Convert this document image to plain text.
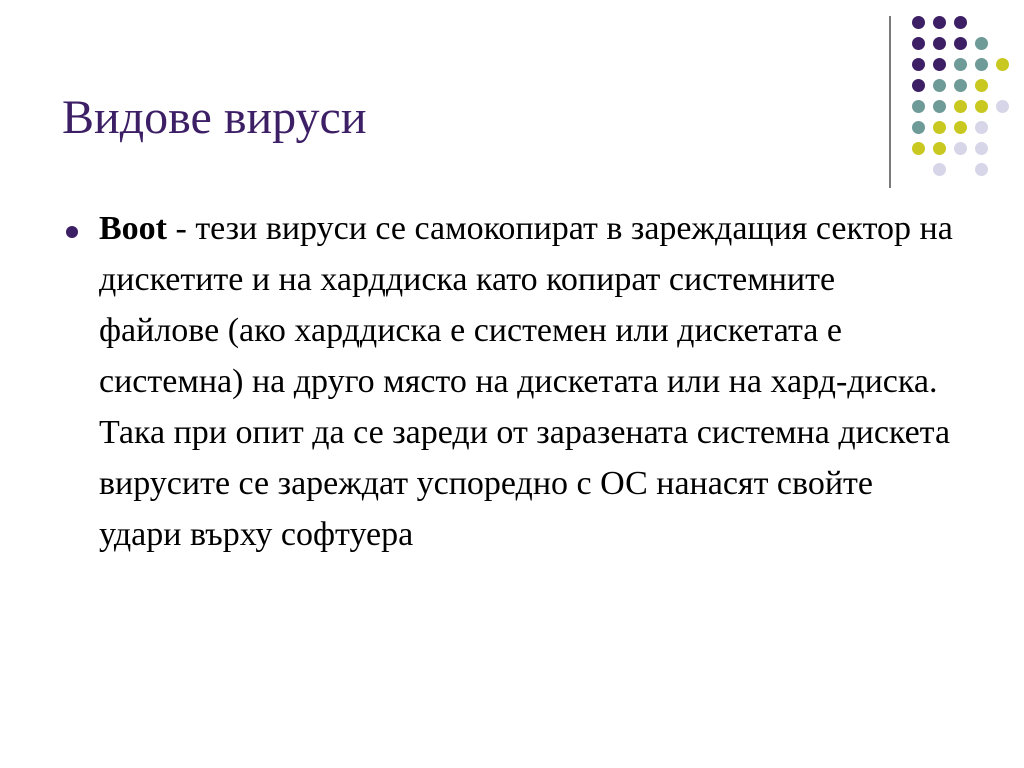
Видове вируси

Boot - тези вируси се самокопират в зареждащия сектор на дискетите и на харддиска като копират системните файлове (ако харддиска е системен или дискетата е системна) на друго място на дискетата или на хард-диска. Така при опит да се зареди от заразената системна дискета вирусите се зареждат успоредно с ОС нанасят свойте удари върху софтуера
